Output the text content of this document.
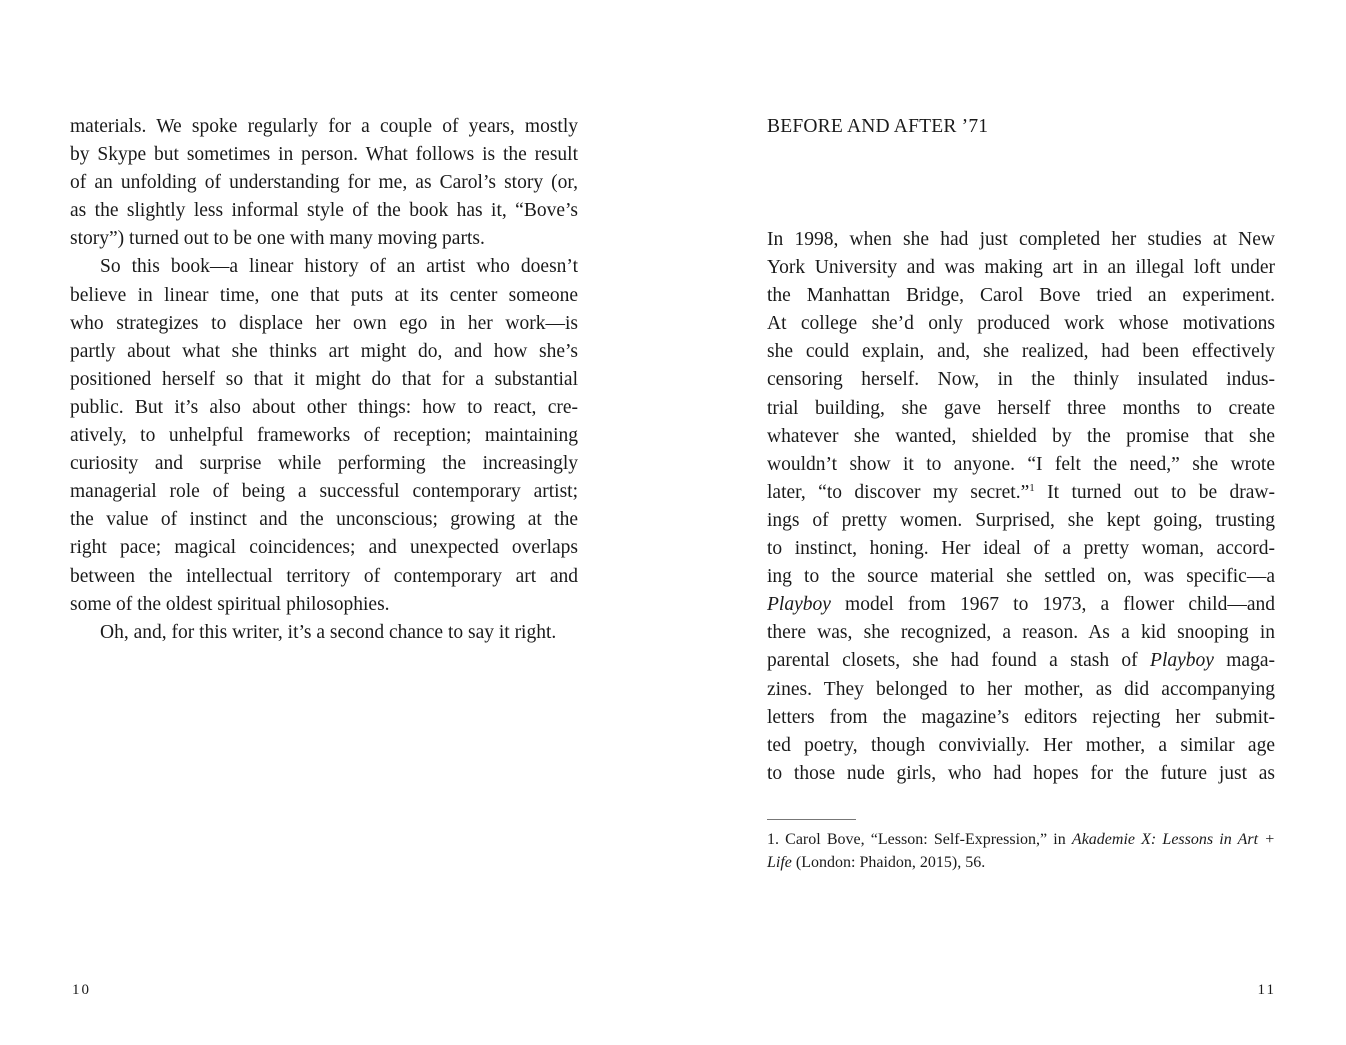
materials. We spoke regularly for a couple of years, mostly
by Skype but sometimes in person. What follows is the result
of an unfolding of understanding for me, as Carol’s story (or,
as the slightly less informal style of the book has it, “Bove’s
story”) turned out to be one with many moving parts.
So this book—a linear history of an artist who doesn’t
believe in linear time, one that puts at its center someone
who strategizes to displace her own ego in her work—is
partly about what she thinks art might do, and how she’s
positioned herself so that it might do that for a substantial
public. But it’s also about other things: how to react, cre-
atively, to unhelpful frameworks of reception; maintaining
curiosity and surprise while performing the increasingly
managerial role of being a successful contemporary artist;
the value of instinct and the unconscious; growing at the
right pace; magical coincidences; and unexpected overlaps
between the intellectual territory of contemporary art and
some of the oldest spiritual philosophies.
Oh, and, for this writer, it’s a second chance to say it right.
BEFORE AND AFTER ’71
In 1998, when she had just completed her studies at New
York University and was making art in an illegal loft under
the Manhattan Bridge, Carol Bove tried an experiment.
At college she’d only produced work whose motivations
she could explain, and, she realized, had been effectively
censoring herself. Now, in the thinly insulated indus-
trial building, she gave herself three months to create
whatever she wanted, shielded by the promise that she
wouldn’t show it to anyone. “I felt the need,” she wrote
later, “to discover my secret.”$^1$ It turned out to be draw-
ings of pretty women. Surprised, she kept going, trusting
to instinct, honing. Her ideal of a pretty woman, accord-
ing to the source material she settled on, was specific—a
Playboy model from 1967 to 1973, a flower child—and
there was, she recognized, a reason. As a kid snooping in
parental closets, she had found a stash of Playboy maga-
zines. They belonged to her mother, as did accompanying
letters from the magazine’s editors rejecting her submit-
ted poetry, though convivially. Her mother, a similar age
to those nude girls, who had hopes for the future just as
1. Carol Bove, “Lesson: Self-Expression,” in Akademie X: Lessons in Art +
Life (London: Phaidon, 2015), 56.
10	11
